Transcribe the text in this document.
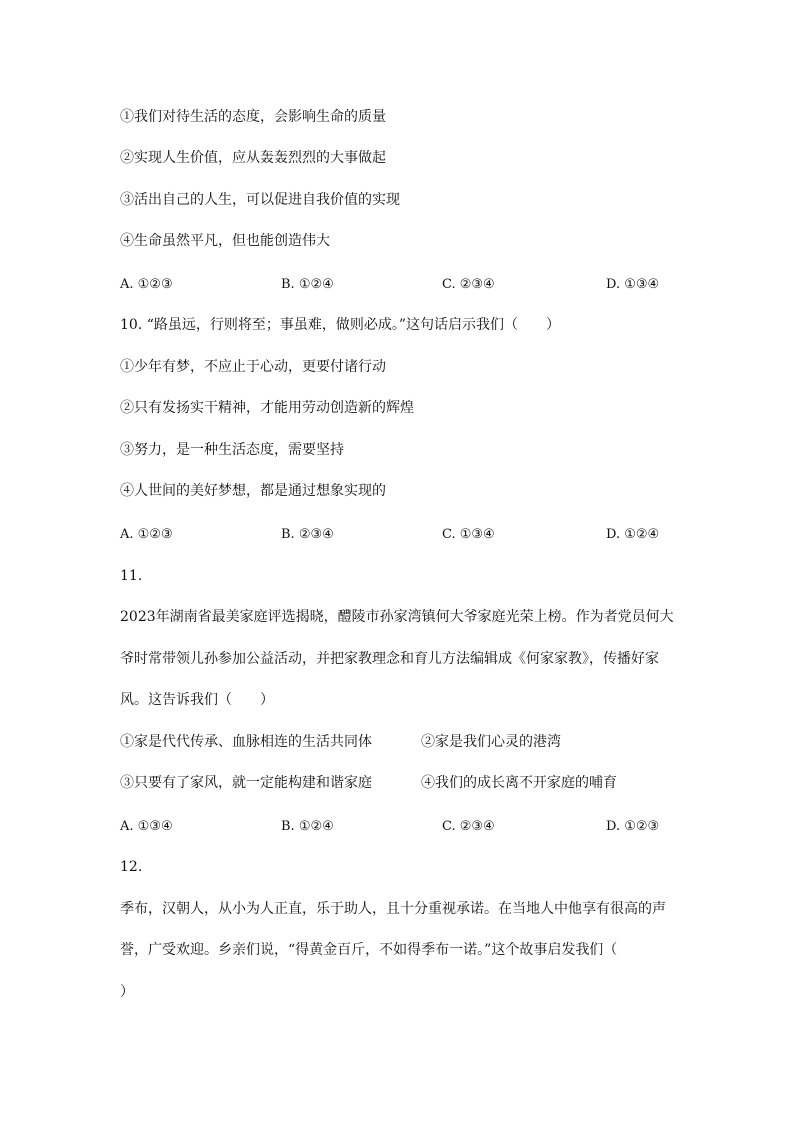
①我们对待生活的态度，会影响生命的质量
②实现人生价值，应从轰轰烈烈的大事做起
③活出自己的人生，可以促进自我价值的实现
④生命虽然平凡，但也能创造伟大
A. ①②③	B. ①②④	C. ②③④	D. ①③④
10. “路虽远，行则将至；事虽难，做则必成。”这句话启示我们（　　）
①少年有梦，不应止于心动，更要付诸行动
②只有发扬实干精神，才能用劳动创造新的辉煌
③努力，是一种生活态度，需要坚持
④人世间的美好梦想，都是通过想象实现的
A. ①②③	B. ②③④	C. ①③④	D. ①②④
11.
2023年湖南省最美家庭评选揭晓，醴陵市孙家湾镇何大爷家庭光荣上榜。作为者党员何大
爷时常带领儿孙参加公益活动，并把家教理念和育儿方法编辑成《何家家教》，传播好家
风。这告诉我们（　　）
①家是代代传承、血脉相连的生活共同体	②家是我们心灵的港湾
③只要有了家风，就一定能构建和谐家庭	④我们的成长离不开家庭的哺育
A. ①③④	B. ①②④	C. ②③④	D. ①②③
12.
季布，汉朝人，从小为人正直，乐于助人，且十分重视承诺。在当地人中他享有很高的声
誉，广受欢迎。乡亲们说，“得黄金百斤，不如得季布一诺。”这个故事启发我们（
）
